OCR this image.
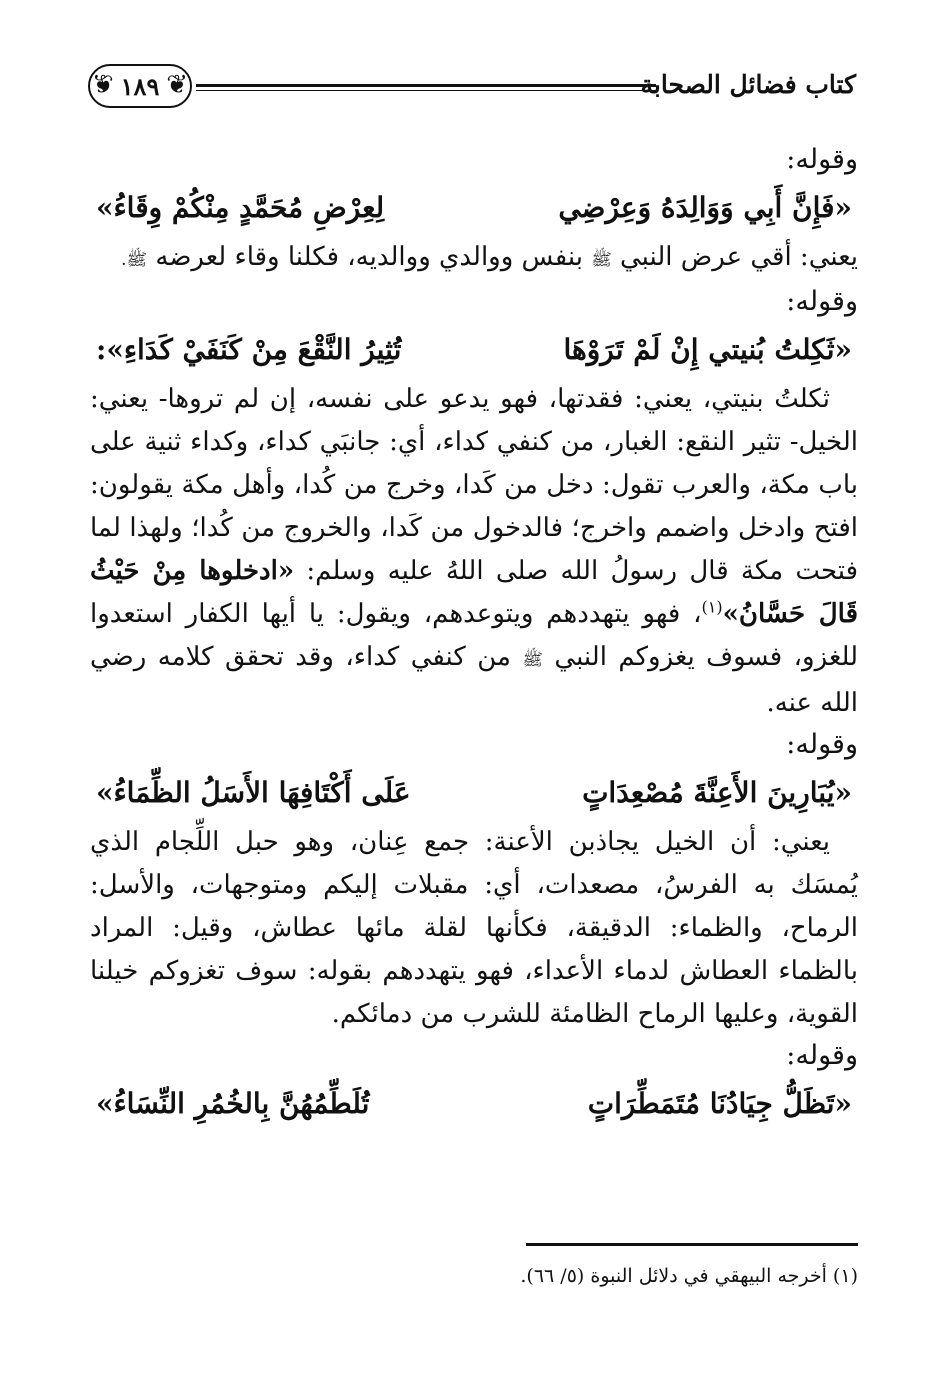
كتاب فضائل الصحابة
❦ ١٨٩
❦
وقوله:
«فَإِنَّ أَبِي وَوَالِدَهُ وَعِرْضِي
لِعِرْضِ مُحَمَّدٍ مِنْكُمْ وِقَاءُ»
يعني: أقي عرض النبي ﷺ بنفس ووالدي ووالديه، فكلنا وقاء لعرضه ﷺ.
وقوله:
«ثَكِلتُ بُنيتي إِنْ لَمْ تَرَوْهَا
تُثِيرُ النَّقْعَ مِنْ كَنَفَيْ كَدَاءِ»:
ثكلتُ بنيتي، يعني: فقدتها، فهو يدعو على نفسه، إن لم تروها- يعني: الخيل- تثير النقع: الغبار، من كنفي كداء، أي: جانبَي كداء، وكداء ثنية على باب مكة، والعرب تقول: دخل من كَدا، وخرج من كُدا، وأهل مكة يقولون: افتح وادخل واضمم واخرج؛ فالدخول من كَدا، والخروج من كُدا؛ ولهذا لما فتحت مكة قال رسولُ الله صلى اللهُ عليه وسلم: «ادخلوها مِنْ حَيْثُ قَالَ حَسَّانُ»$^{(١)}$، فهو يتهددهم ويتوعدهم، ويقول: يا أيها الكفار استعدوا للغزو، فسوف يغزوكم النبي ﷺ من كنفي كداء، وقد تحقق كلامه رضي الله عنه.
وقوله:
«يُبَارِينَ الأَعِنَّةَ مُصْعِدَاتٍ
عَلَى أَكْتَافِهَا الأَسَلُ الظِّمَاءُ»
يعني: أن الخيل يجاذبن الأعنة: جمع عِنان، وهو حبل اللِّجام الذي يُمسَك به الفرسُ، مصعدات، أي: مقبلات إليكم ومتوجهات، والأسل: الرماح، والظماء: الدقيقة، فكأنها لقلة مائها عطاش، وقيل: المراد بالظماء العطاش لدماء الأعداء، فهو يتهددهم بقوله: سوف تغزوكم خيلنا القوية، وعليها الرماح الظامئة للشرب من دمائكم.
وقوله:
«تَظَلُّ جِيَادُنَا مُتَمَطِّرَاتٍ
تُلَطِّمُهُنَّ بِالخُمُرِ النِّسَاءُ»
(١) أخرجه البيهقي في دلائل النبوة (٥/ ٦٦).
